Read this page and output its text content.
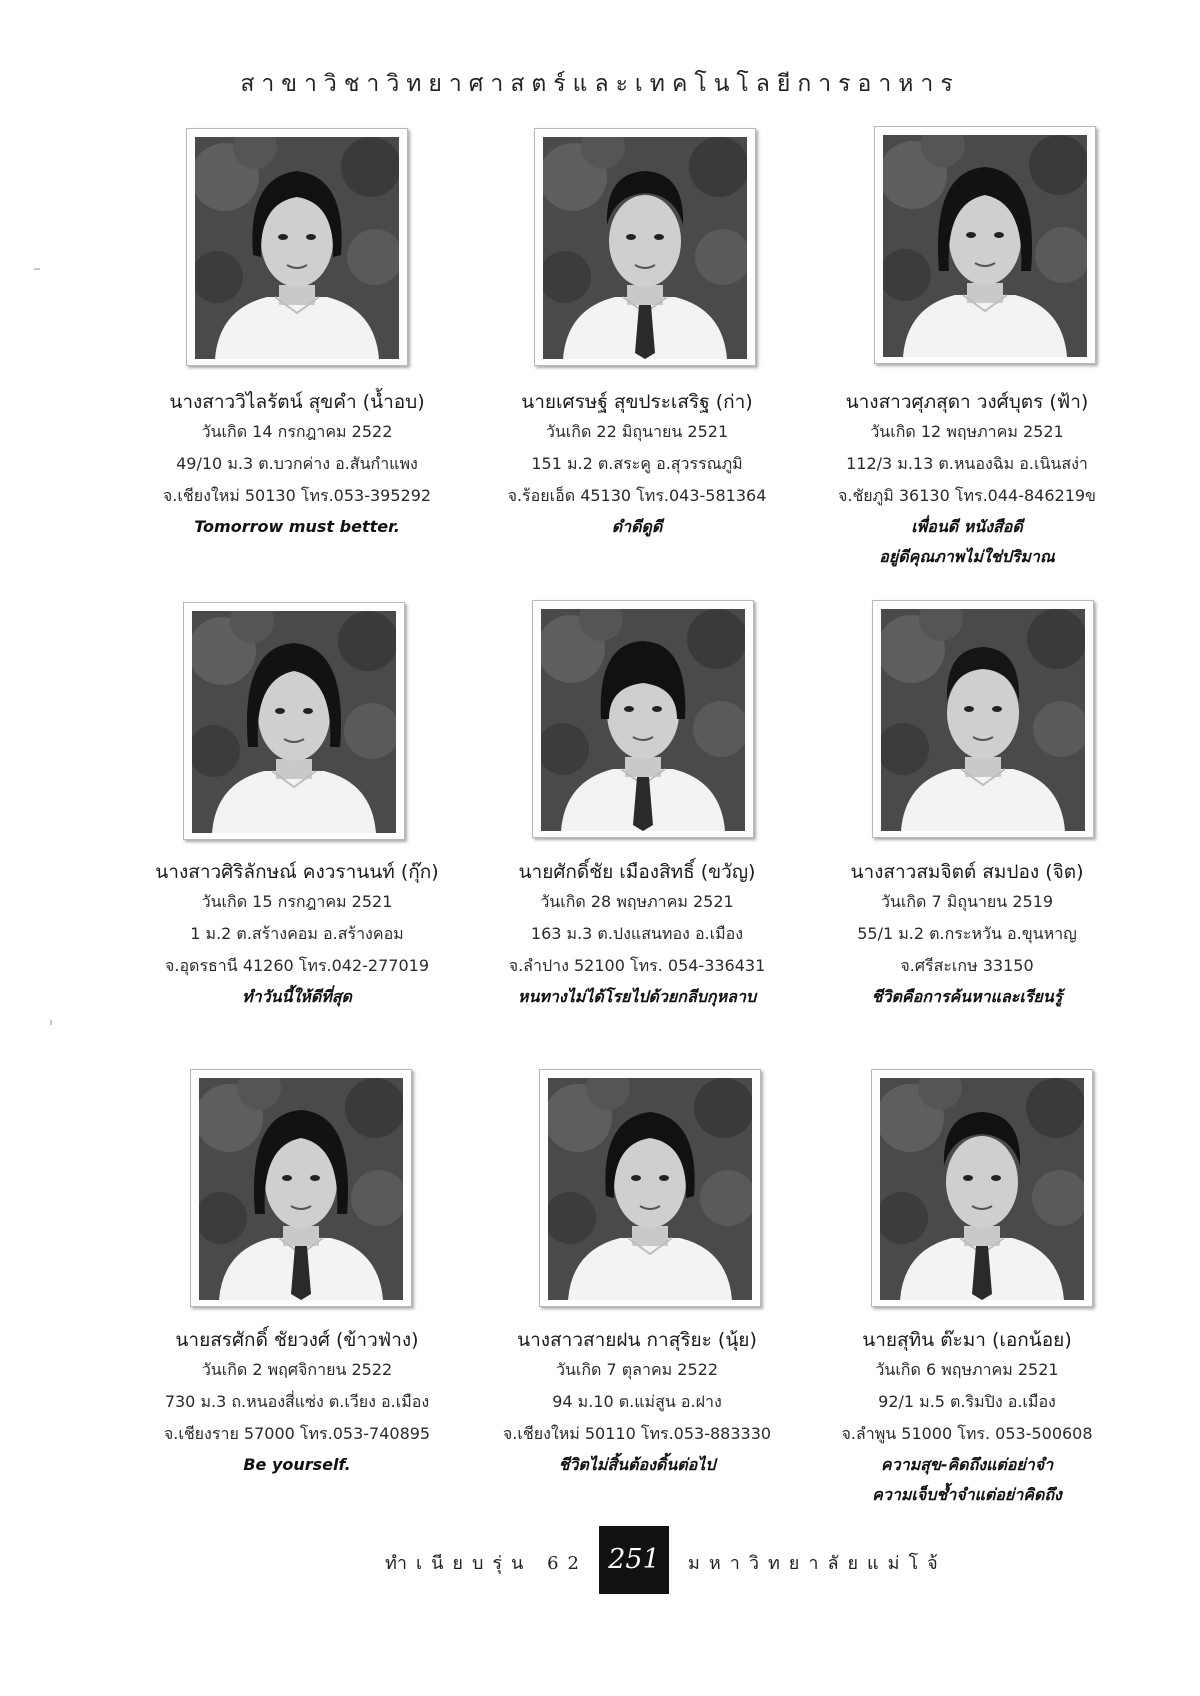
สาขาวิชาวิทยาศาสตร์และเทคโนโลยีการอาหาร
นางสาววิไลรัตน์ สุขคำ (น้ำอบ)
วันเกิด 14 กรกฎาคม 2522
49/10 ม.3 ต.บวกค่าง อ.สันกำแพง
จ.เชียงใหม่ 50130 โทร.053-395292
Tomorrow must better.
นายเศรษฐ์ สุขประเสริฐ (ก่า)
วันเกิด 22 มิถุนายน 2521
151 ม.2 ต.สระคู อ.สุวรรณภูมิ
จ.ร้อยเอ็ด 45130 โทร.043-581364
ดำดีดูดี
นางสาวศุภสุดา วงศ์บุตร (ฟ้า)
วันเกิด 12 พฤษภาคม 2521
112/3 ม.13 ต.หนองฉิม อ.เนินสง่า
จ.ชัยภูมิ 36130 โทร.044-846219ข
เพื่อนดี หนังสือดี
อยู่ดีคุณภาพไม่ใช่ปริมาณ
นางสาวศิริลักษณ์ คงวรานนท์ (กุ๊ก)
วันเกิด 15 กรกฎาคม 2521
1 ม.2 ต.สร้างคอม อ.สร้างคอม
จ.อุดรธานี 41260 โทร.042-277019
ทำวันนี้ให้ดีที่สุด
นายศักดิ์ชัย เมืองสิทธิ์ (ขวัญ)
วันเกิด 28 พฤษภาคม 2521
163 ม.3 ต.ปงแสนทอง อ.เมือง
จ.ลำปาง 52100 โทร. 054-336431
หนทางไม่ได้โรยไปด้วยกลีบกุหลาบ
นางสาวสมจิตต์ สมปอง (จิต)
วันเกิด 7 มิถุนายน 2519
55/1 ม.2 ต.กระหวัน อ.ขุนหาญ
จ.ศรีสะเกษ 33150
ชีวิตคือการค้นหาและเรียนรู้
นายสรศักดิ์ ชัยวงศ์ (ข้าวฟ่าง)
วันเกิด 2 พฤศจิกายน 2522
730 ม.3 ถ.หนองสี่แซ่ง ต.เวียง อ.เมือง
จ.เชียงราย 57000 โทร.053-740895
Be yourself.
นางสาวสายฝน กาสุริยะ (นุ้ย)
วันเกิด 7 ตุลาคม 2522
94 ม.10 ต.แม่สูน อ.ฝาง
จ.เชียงใหม่ 50110 โทร.053-883330
ชีวิตไม่สิ้นต้องดิ้นต่อไป
นายสุทิน ต๊ะมา (เอกน้อย)
วันเกิด 6 พฤษภาคม 2521
92/1 ม.5 ต.ริมปิง อ.เมือง
จ.ลำพูน 51000 โทร. 053-500608
ความสุข-คิดถึงแต่อย่าจำ
ความเจ็บช้ำจำแต่อย่าคิดถึง
ทำเนียบรุ่น 62 251	มหาวิทยาลัยแม่โจ้
